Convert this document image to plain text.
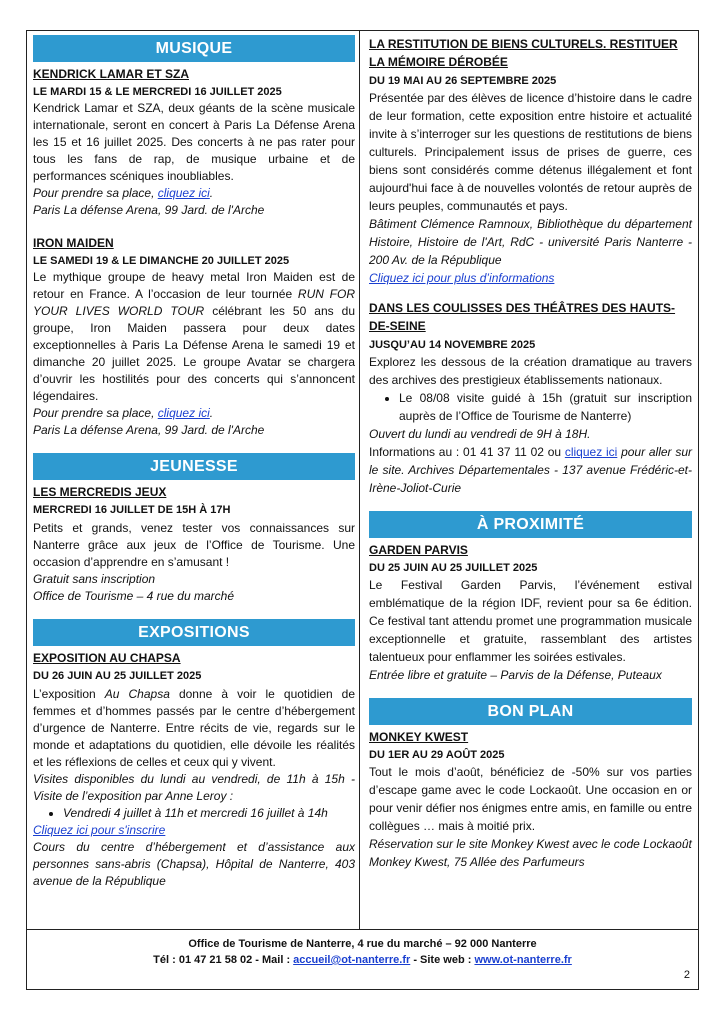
MUSIQUE
KENDRICK LAMAR ET SZA
LE MARDI 15 & LE MERCREDI 16 JUILLET 2025

Kendrick Lamar et SZA, deux géants de la scène musicale internationale, seront en concert à Paris La Défense Arena les 15 et 16 juillet 2025. Des concerts à ne pas rater pour tous les fans de rap, de musique urbaine et de performances scéniques inoubliables.

Pour prendre sa place, cliquez ici.

Paris La défense Arena, 99 Jard. de l'Arche

IRON MAIDEN
LE SAMEDI 19 & LE DIMANCHE 20 JUILLET 2025

Le mythique groupe de heavy metal Iron Maiden est de retour en France. A l’occasion de leur tournée RUN FOR YOUR LIVES WORLD TOUR célébrant les 50 ans du groupe, Iron Maiden passera pour deux dates exceptionnelles à Paris La Défense Arena le samedi 19 et dimanche 20 juillet 2025. Le groupe Avatar se chargera d’ouvrir les hostilités pour des concerts qui s’annoncent légendaires.

Pour prendre sa place, cliquez ici.

Paris La défense Arena, 99 Jard. de l'Arche

JEUNESSE
LES MERCREDIS JEUX
MERCREDI 16 JUILLET DE 15H À 17H

Petits et grands, venez tester vos connaissances sur Nanterre grâce aux jeux de l’Office de Tourisme. Une occasion d’apprendre en s’amusant !

Gratuit sans inscription

Office de Tourisme – 4 rue du marché

EXPOSITIONS
EXPOSITION AU CHAPSA
DU 26 JUIN AU 25 JUILLET 2025

L’exposition Au Chapsa donne à voir le quotidien de femmes et d’hommes passés par le centre d’hébergement d’urgence de Nanterre. Entre récits de vie, regards sur le monde et adaptations du quotidien, elle dévoile les réalités et les réflexions de celles et ceux qui y vivent.

Visites disponibles du lundi au vendredi, de 11h à 15h - Visite de l’exposition par Anne Leroy :

• Vendredi 4 juillet à 11h et mercredi 16 juillet à 14h

Cliquez ici pour s'inscrire

Cours du centre d’hébergement et d’assistance aux personnes sans-abris (Chapsa), Hôpital de Nanterre, 403 avenue de la République

LA RESTITUTION DE BIENS CULTURELS. RESTITUER LA MÉMOIRE DÉROBÉE
DU 19 MAI AU 26 SEPTEMBRE 2025

Présentée par des élèves de licence d’histoire dans le cadre de leur formation, cette exposition entre histoire et actualité invite à s’interroger sur les questions de restitutions de biens culturels. Principalement issus de prises de guerre, ces biens sont considérés comme détenus illégalement et font aujourd'hui face à de nouvelles volontés de retour auprès de leurs peuples, communautés et pays.

Bâtiment Clémence Ramnoux, Bibliothèque du département Histoire, Histoire de l'Art, RdC - université Paris Nanterre - 200 Av. de la République

Cliquez ici pour plus d’informations

DANS LES COULISSES DES THÉÂTRES DES HAUTS-DE-SEINE
JUSQU’AU 14 NOVEMBRE 2025

Explorez les dessous de la création dramatique au travers des archives des prestigieux établissements nationaux.

• Le 08/08 visite guidé à 15h (gratuit sur inscription auprès de l’Office de Tourisme de Nanterre)

Ouvert du lundi au vendredi de 9H à 18H.

Informations au : 01 41 37 11 02 ou cliquez ici pour aller sur le site. Archives Départementales - 137 avenue Frédéric-et-Irène-Joliot-Curie

À PROXIMITÉ
GARDEN PARVIS
DU 25 JUIN AU 25 JUILLET 2025

Le Festival Garden Parvis, l’événement estival emblématique de la région IDF, revient pour sa 6e édition. Ce festival tant attendu promet une programmation musicale exceptionnelle et gratuite, rassemblant des artistes talentueux pour enflammer les soirées estivales.

Entrée libre et gratuite – Parvis de la Défense, Puteaux

BON PLAN
MONKEY KWEST
DU 1ER AU 29 AOÛT 2025

Tout le mois d’août, bénéficiez de -50% sur vos parties d’escape game avec le code Lockaoût. Une occasion en or pour venir défier nos énigmes entre amis, en famille ou entre collègues … mais à moitié prix.

Réservation sur le site Monkey Kwest avec le code Lockaoût

Monkey Kwest, 75 Allée des Parfumeurs

Office de Tourisme de Nanterre, 4 rue du marché – 92 000 Nanterre
Tél : 01 47 21 58 02 - Mail : accueil@ot-nanterre.fr - Site web : www.ot-nanterre.fr
2
